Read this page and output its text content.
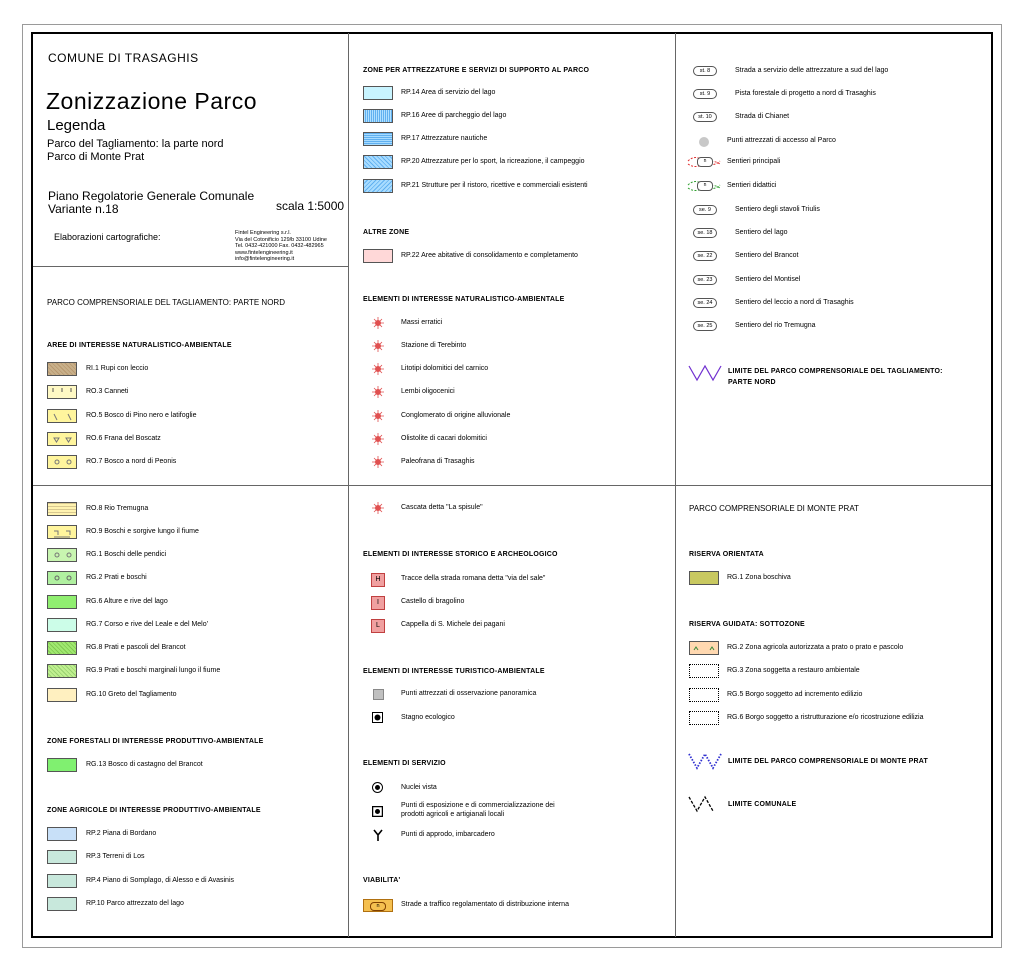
COMUNE DI TRASAGHIS
Zonizzazione Parco
Legenda
Parco del Tagliamento: la parte nord
Parco di Monte Prat
Piano Regolatorie Generale Comunale
Variante n.18	scala 1:5000
Elaborazioni cartografiche:	Fintel Engineering s.r.l.
Via del Cotonificio 129/b 33100 Udine
Tel. 0432-421000 Fax. 0432-482965
www.fintelengineering.it
info@fintelengineering.it
PARCO COMPRENSORIALE DEL TAGLIAMENTO: PARTE NORD
AREE DI INTERESSE NATURALISTICO-AMBIENTALE
RI.1 Rupi con leccio
RO.3 Canneti
RO.5 Bosco di Pino nero e latifoglie
RO.6 Frana del Boscatz
RO.7 Bosco a nord di Peonis
RO.8 Rio Tremugna
RO.9 Boschi e sorgive lungo il fiume
RG.1 Boschi delle pendici
RG.2 Prati e boschi
RG.6 Alture e rive del lago
RG.7 Corso e rive del Leale e del Melo'
RG.8 Prati e pascoli del Brancot
RG.9 Prati e boschi marginali lungo il fiume
RG.10 Greto del Tagliamento
ZONE FORESTALI DI INTERESSE PRODUTTIVO-AMBIENTALE
RG.13 Bosco di castagno del Brancot
ZONE AGRICOLE DI INTERESSE PRODUTTIVO-AMBIENTALE
RP.2 Piana di Bordano
RP.3 Terreni di Los
RP.4 Piano di Somplago, di Alesso e di Avasinis
RP.10 Parco attrezzato del lago
ZONE PER ATTREZZATURE E SERVIZI DI SUPPORTO AL PARCO
RP.14 Area di servizio del lago
RP.16 Aree di parcheggio del lago
RP.17 Attrezzature nautiche
RP.20 Attrezzature per lo sport, la ricreazione, il campeggio
RP.21 Strutture per il ristoro, ricettive e commerciali esistenti
ALTRE ZONE
RP.22 Aree abitative di consolidamento e completamento
ELEMENTI DI INTERESSE NATURALISTICO-AMBIENTALE
Massi erratici
Stazione di Terebinto
Litotipi dolomitici del carnico
Lembi oligocenici
Conglomerato di origine alluvionale
Olistolite di cacari dolomitici
Paleofrana di Trasaghis
Cascata detta "La spisule"
ELEMENTI DI INTERESSE STORICO E ARCHEOLOGICO
H	Tracce della strada romana detta "via del sale"
I	Castello di bragolino
L	Cappella di S. Michele dei pagani
ELEMENTI DI INTERESSE TURISTICO-AMBIENTALE
Punti attrezzati di osservazione panoramica
Stagno ecologico
ELEMENTI DI SERVIZIO
Nuclei vista
Punti di esposizione e di commercializzazione dei
prodotti agricoli e artigianali locali
Punti di approdo, imbarcadero
VIABILITA'
n	Strade a traffico regolamentato di distribuzione interna
st. 8	Strada a servizio delle attrezzature a sud del lago
st. 9	Pista forestale di progetto a nord di Trasaghis
st. 10	Strada di Chianet
Punti attrezzati di accesso al Parco
n	Sentieri principali
n	Sentieri didattici
se. 9	Sentiero degli stavoli Triulis
se. 18	Sentiero del lago
se. 22	Sentiero del Brancot
se. 23	Sentiero del Montisel
se. 24	Sentiero del leccio a nord di Trasaghis
se. 25	Sentiero del rio Tremugna
LIMITE DEL PARCO COMPRENSORIALE DEL TAGLIAMENTO:
PARTE NORD
PARCO COMPRENSORIALE DI MONTE PRAT
RISERVA ORIENTATA
RG.1 Zona boschiva
RISERVA GUIDATA: SOTTOZONE
RG.2 Zona agricola autorizzata a prato o prato e pascolo
RG.3 Zona soggetta a restauro ambientale
RG.5 Borgo soggetto ad incremento edilizio
RG.6 Borgo soggetto a ristrutturazione e/o ricostruzione edilizia
LIMITE DEL PARCO COMPRENSORIALE DI MONTE PRAT
LIMITE COMUNALE
